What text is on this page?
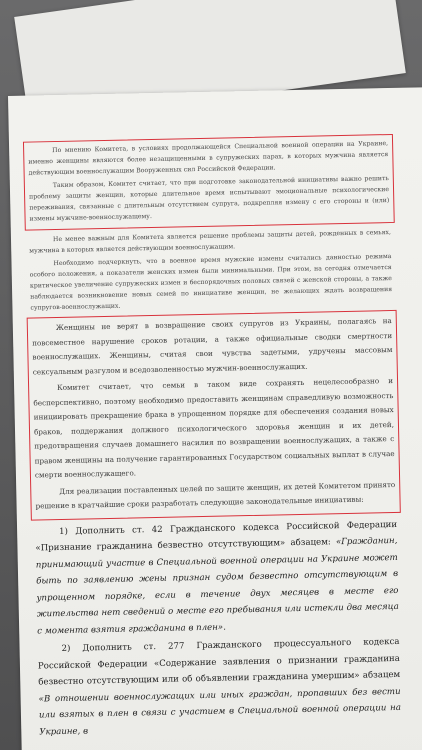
По мнению Комитета, в условиях продолжающейся Специальной военной операции на Украине, именно женщины являются более незащищенными в супружеских парах, в которых мужчина является действующим военнослужащим Вооруженных сил Российской Федерации.

Таким образом, Комитет считает, что при подготовке законодательной инициативы важно решить проблему защиты женщин, которые длительное время испытывают эмоциональные психологические переживания, связанные с длительным отсутствием супруга, подкрепляя измену с его стороны и (или) измены мужчине-военнослужащему.

Не менее важным для Комитета является решение проблемы защиты детей, рожденных в семьях, мужчина в которых является действующим военнослужащим.

Необходимо подчеркнуть, что в военное время мужские измены считались данностью режима особого положения, а показатели женских измен были минимальными. При этом, на сегодня отмечается критическое увеличение супружеских измен и беспорядочных половых связей с женской стороны, а также наблюдается возникновение новых семей по инициативе женщин, не желающих ждать возвращения супругов-военнослужащих.

Женщины не верят в возвращение своих супругов из Украины, полагаясь на повсеместное нарушение сроков ротации, а также официальные сводки смертности военнослужащих. Женщины, считая свои чувства задетыми, удручены массовым сексуальным разгулом и вседозволенностью мужчин-военнослужащих.

Комитет считает, что семьи в таком виде сохранять нецелесообразно и бесперспективно, поэтому необходимо предоставить женщинам справедливую возможность инициировать прекращение брака в упрощенном порядке для обеспечения создания новых браков, поддержания должного психологического здоровья женщин и их детей, предотвращения случаев домашнего насилия по возвращении военнослужащих, а также с правом женщины на получение гарантированных Государством социальных выплат в случае смерти военнослужащего.

Для реализации поставленных целей по защите женщин, их детей Комитетом принято решение в кратчайшие сроки разработать следующие законодательные инициативы:

1) Дополнить ст. 42 Гражданского кодекса Российской Федерации «Признание гражданина безвестно отсутствующим» абзацем: «Гражданин, принимающий участие в Специальной военной операции на Украине может быть по заявлению жены признан судом безвестно отсутствующим в упрощенном порядке, если в течение двух месяцев в месте его жительства нет сведений о месте его пребывания или истекли два месяца с момента взятия гражданина в плен».

2) Дополнить ст. 277 Гражданского процессуального кодекса Российской Федерации «Содержание заявления о признании гражданина безвестно отсутствующим или об объявлении гражданина умершим» абзацем «В отношении военнослужащих или иных граждан, пропавших без вести или взятых в плен в связи с участием в Специальной военной операции на Украине, в
